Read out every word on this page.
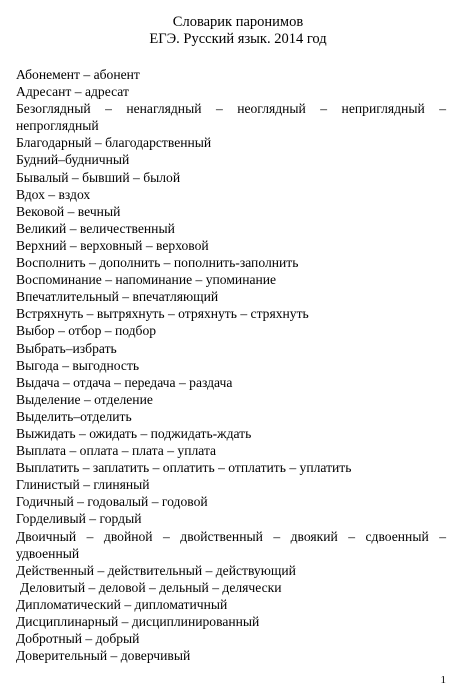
Словарик паронимов
ЕГЭ. Русский язык. 2014 год

Абонемент – абонент

Адресант – адресат

Безоглядный – ненаглядный – неоглядный – неприглядный – непроглядный

Благодарный – благодарственный

Будний–будничный

Бывалый – бывший – былой

Вдох – вздох

Вековой – вечный

Великий – величественный

Верхний – верховный – верховой

Восполнить – дополнить – пополнить-заполнить

Воспоминание – напоминание – упоминание

Впечатлительный – впечатляющий

Встряхнуть – вытряхнуть – отряхнуть – стряхнуть

Выбор – отбор – подбор

Выбрать–избрать

Выгода – выгодность

Выдача – отдача – передача – раздача

Выделение – отделение

Выделить–отделить

Выжидать – ожидать – поджидать-ждать

Выплата – оплата – плата – уплата

Выплатить – заплатить – оплатить – отплатить – уплатить

Глинистый – глиняный

Годичный – годовалый – годовой

Горделивый – гордый

Двоичный – двойной – двойственный – двоякий – сдвоенный – удвоенный

Действенный – действительный – действующий

Деловитый – деловой – дельный – делячески

Дипломатический – дипломатичный

Дисциплинарный – дисциплинированный

Добротный – добрый

Доверительный – доверчивый

1
